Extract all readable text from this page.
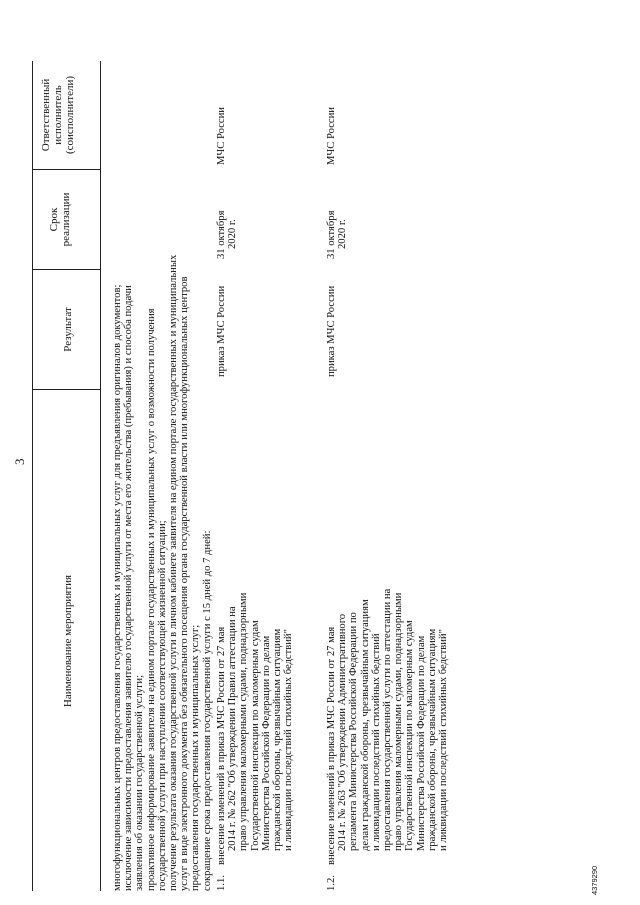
3
Наименование мероприятия
Результат
Срок реализации
Ответственный исполнитель (соисполнители)
многофункциональных центров предоставления государственных и муниципальных услуг для предъявления оригиналов документов; исключение зависимости предоставления заявителю государственной услуги от места его жительства (пребывания) и способа подачи заявления об оказании государственной услуги; проактивное информирование заявителя на едином портале государственных и муниципальных услуг о возможности получения государственной услуги при наступлении соответствующей жизненной ситуации; получение результата оказания государственной услуги в личном кабинете заявителя на едином портале государственных и муниципальных услуг в виде электронного документа без обязательного посещения органа государственной власти или многофункциональных центров предоставления государственных и муниципальных услуг; сокращение срока предоставления государственной услуги с 15 дней до 7 дней: 1.1.
внесение изменений в приказ МЧС России от 27 мая 2014 г. № 262 "Об утверждении Правил аттестации на право управления маломерными судами, поднадзорными Государственной инспекции по маломерным судам Министерства Российской Федерации по делам гражданской обороны, чрезвычайным ситуациям и ликвидации последствий стихийных бедствий"
приказ МЧС России
31 октября 2020 г.
МЧС России
1.2.
внесение изменений в приказ МЧС России от 27 мая 2014 г. № 263 "Об утверждении Административного регламента Министерства Российской Федерации по делам гражданской обороны, чрезвычайным ситуациям и ликвидации последствий стихийных бедствий предоставления государственной услуги по аттестации на право управления маломерными судами, поднадзорными Государственной инспекции по маломерным судам Министерства Российской Федерации по делам гражданской обороны, чрезвычайным ситуациям и ликвидации последствий стихийных бедствий"
приказ МЧС России
31 октября 2020 г.
МЧС России
4379290
